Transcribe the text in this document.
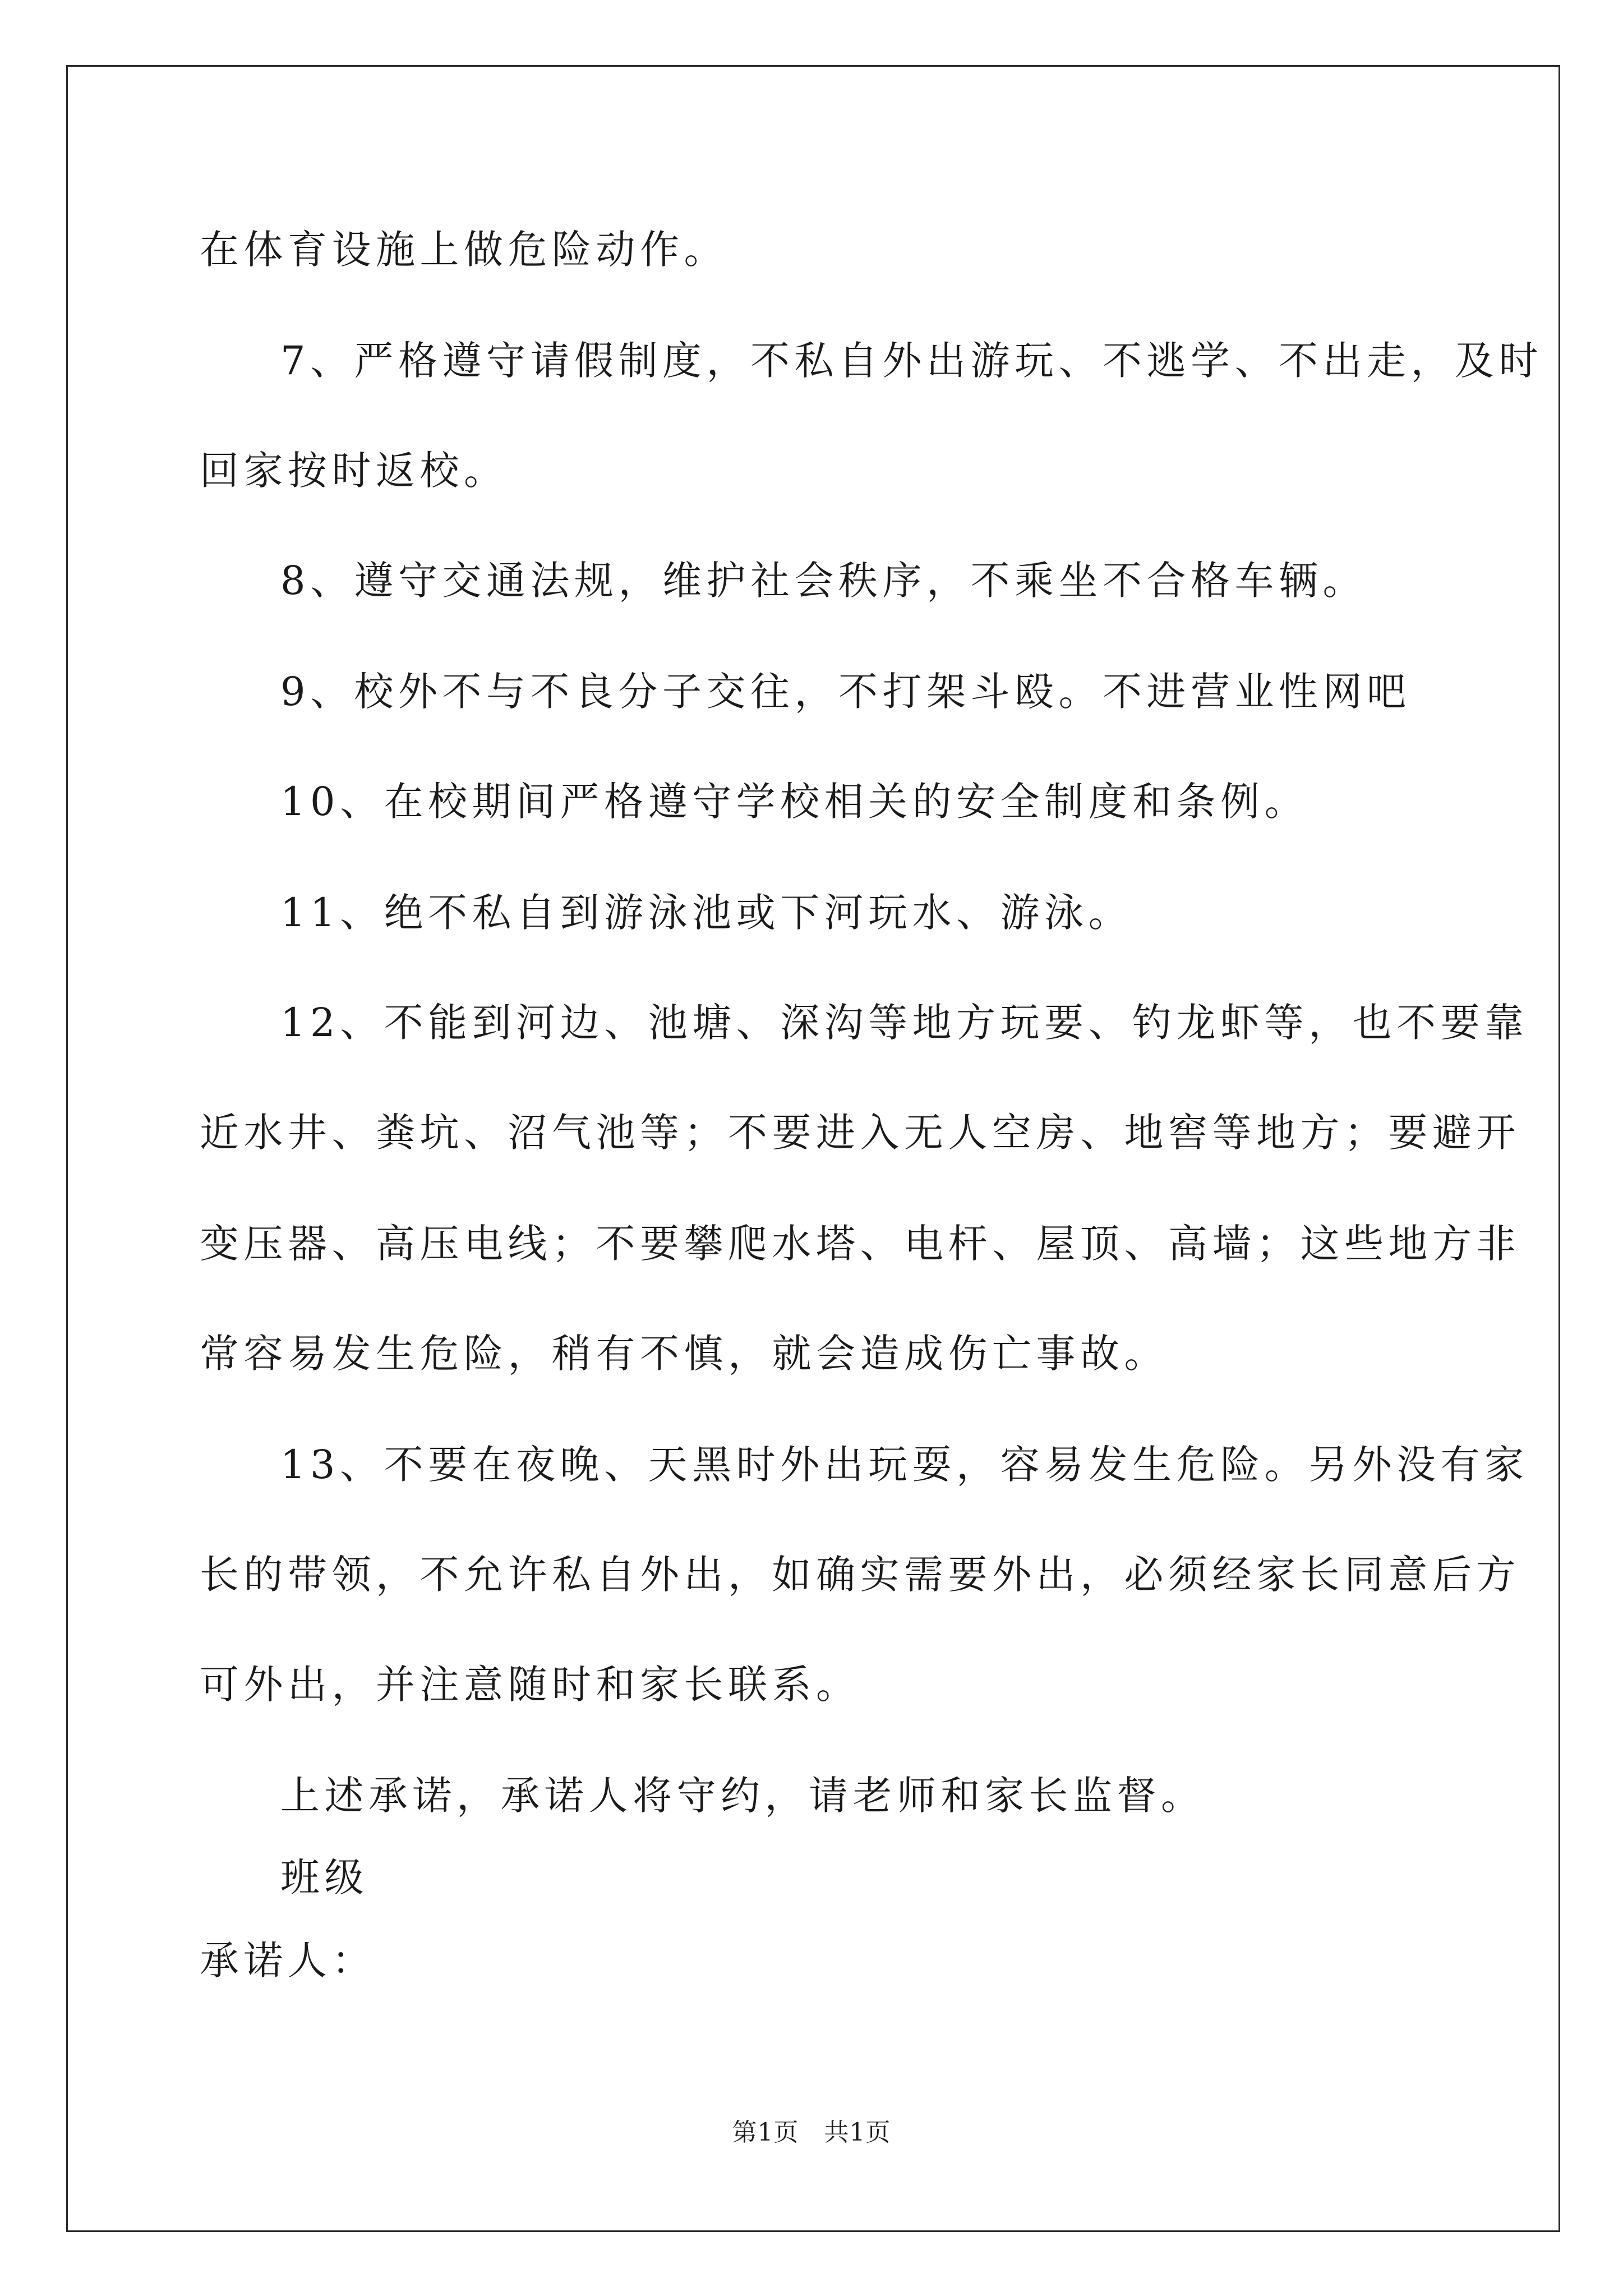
在体育设施上做危险动作。
7、严格遵守请假制度，不私自外出游玩、不逃学、不出走，及时
回家按时返校。
8、遵守交通法规，维护社会秩序，不乘坐不合格车辆。
9、校外不与不良分子交往，不打架斗殴。不进营业性网吧
10、在校期间严格遵守学校相关的安全制度和条例。
11、绝不私自到游泳池或下河玩水、游泳。
12、不能到河边、池塘、深沟等地方玩要、钓龙虾等，也不要靠
近水井、粪坑、沼气池等；不要进入无人空房、地窖等地方；要避开
变压器、高压电线；不要攀爬水塔、电杆、屋顶、高墙；这些地方非
常容易发生危险，稍有不慎，就会造成伤亡事故。
13、不要在夜晚、天黑时外出玩耍，容易发生危险。另外没有家
长的带领，不允许私自外出，如确实需要外出，必须经家长同意后方
可外出，并注意随时和家长联系。
上述承诺，承诺人将守约，请老师和家长监督。
班级
承诺人：
第1页　共1页
